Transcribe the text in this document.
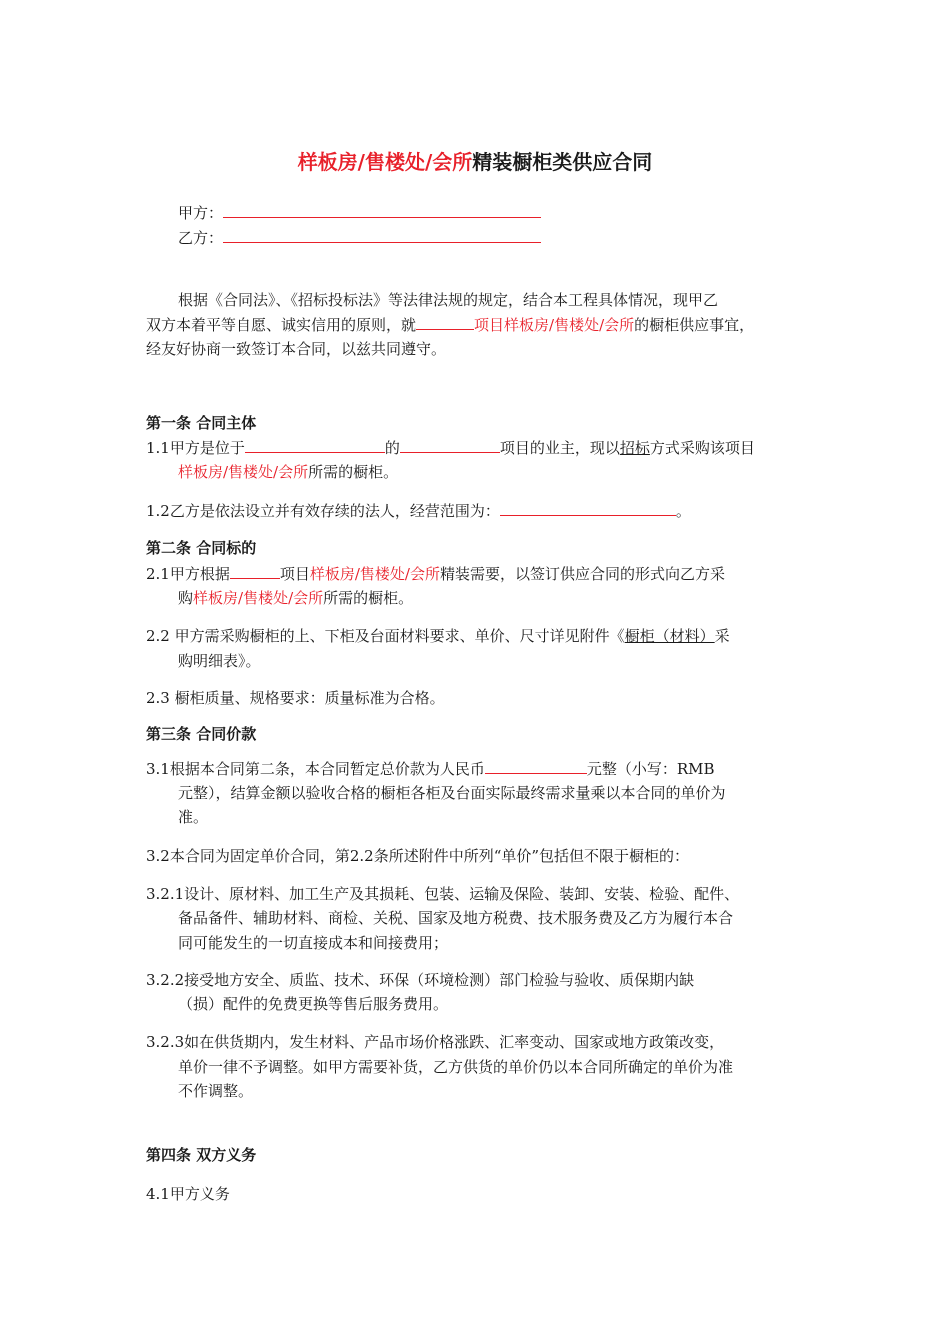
样板房/售楼处/会所精装橱柜类供应合同
甲方：
乙方：
根据《合同法》、《招标投标法》等法律法规的规定，结合本工程具体情况，现甲乙
双方本着平等自愿、诚实信用的原则，就	项目样板房/售楼处/会所的橱柜供应事宜，
经友好协商一致签订本合同，以兹共同遵守。
第一条 合同主体
1.1甲方是位于	的	项目的业主，现以招标方式采购该项目
样板房/售楼处/会所所需的橱柜。
1.2乙方是依法设立并有效存续的法人，经营范围为：	。
第二条 合同标的
2.1甲方根据	项目样板房/售楼处/会所精装需要，以签订供应合同的形式向乙方采
购样板房/售楼处/会所所需的橱柜。
2.2 甲方需采购橱柜的上、下柜及台面材料要求、单价、尺寸详见附件《橱柜（材料）采
购明细表》。
2.3 橱柜质量、规格要求：质量标准为合格。
第三条 合同价款
3.1根据本合同第二条，本合同暂定总价款为人民币	元整（小写：RMB
元整），结算金额以验收合格的橱柜各柜及台面实际最终需求量乘以本合同的单价为
准。
3.2本合同为固定单价合同，第2.2条所述附件中所列“单价”包括但不限于橱柜的：
3.2.1设计、原材料、加工生产及其损耗、包装、运输及保险、装卸、安装、检验、配件、
备品备件、辅助材料、商检、关税、国家及地方税费、技术服务费及乙方为履行本合
同可能发生的一切直接成本和间接费用；
3.2.2接受地方安全、质监、技术、环保（环境检测）部门检验与验收、质保期内缺
（损）配件的免费更换等售后服务费用。
3.2.3如在供货期内，发生材料、产品市场价格涨跌、汇率变动、国家或地方政策改变，
单价一律不予调整。如甲方需要补货，乙方供货的单价仍以本合同所确定的单价为准
不作调整。
第四条 双方义务
4.1甲方义务
